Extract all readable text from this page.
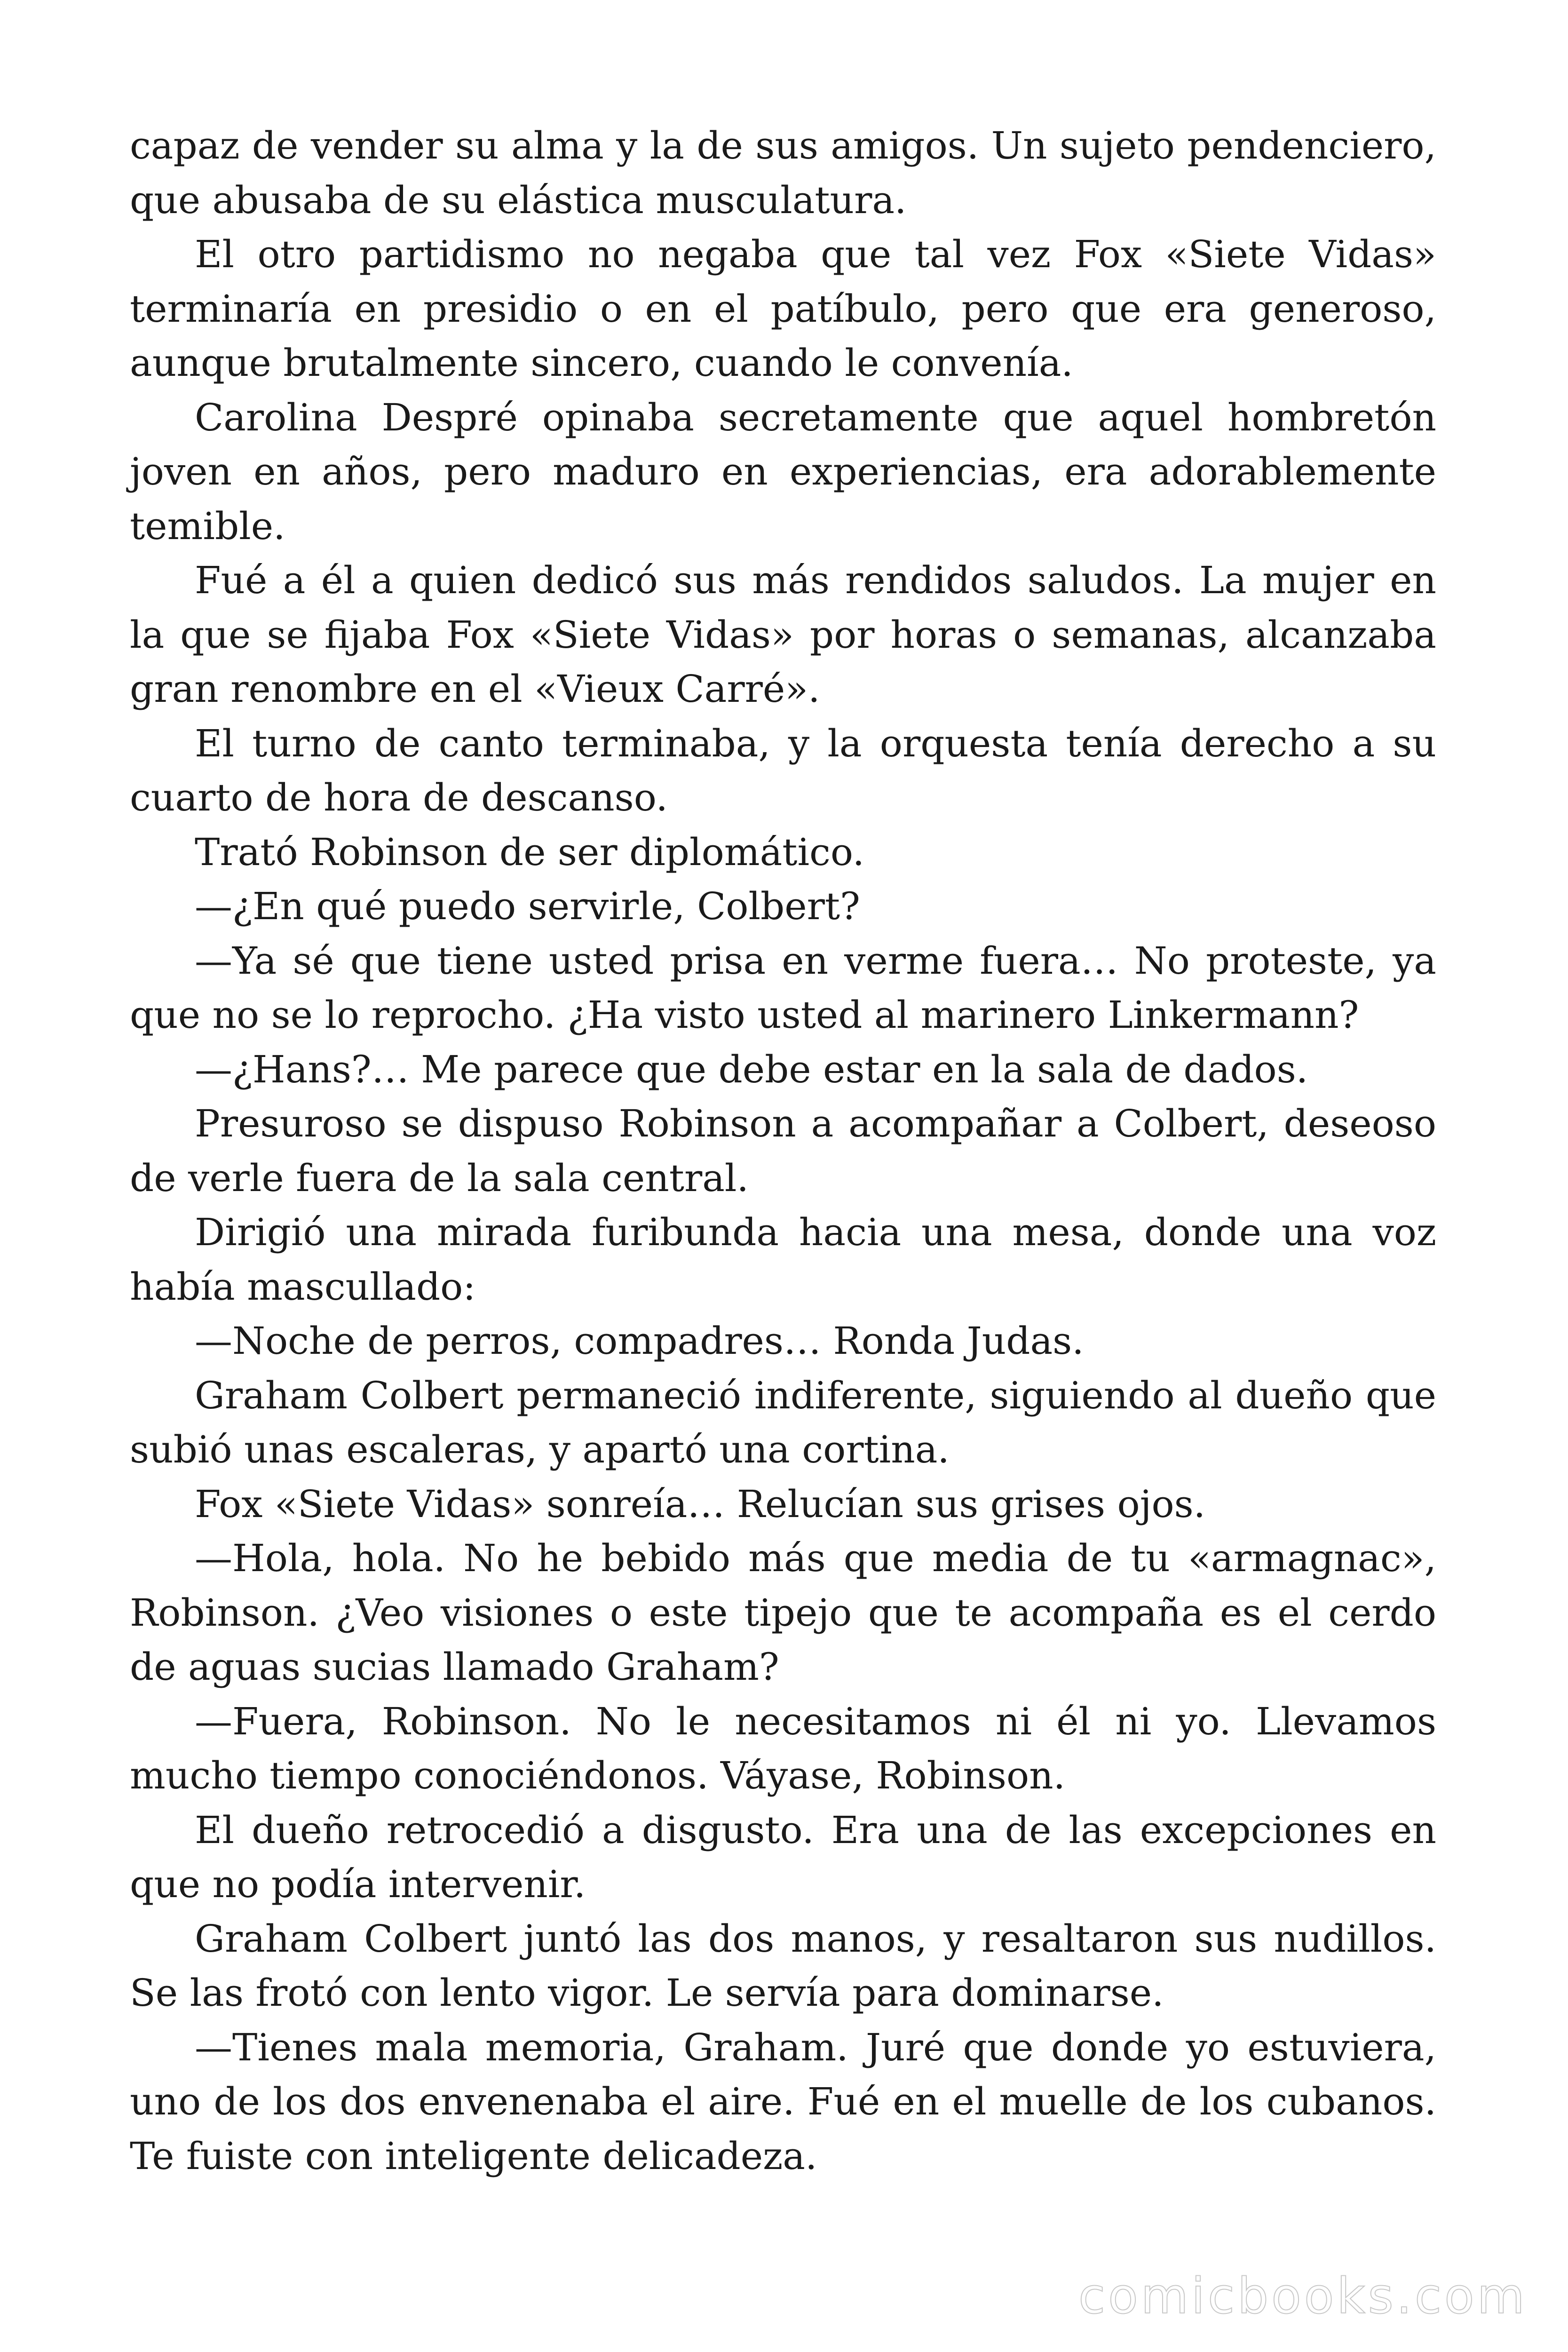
capaz de vender su alma y la de sus amigos. Un sujeto pendenciero, que abusaba de su elástica musculatura.

El otro partidismo no negaba que tal vez Fox «Siete Vidas» terminaría en presidio o en el patíbulo, pero que era generoso, aunque brutalmente sincero, cuando le convenía.

Carolina Despré opinaba secretamente que aquel hombretón joven en años, pero maduro en experiencias, era adorablemente temible.

Fué a él a quien dedicó sus más rendidos saludos. La mujer en la que se fijaba Fox «Siete Vidas» por horas o semanas, alcanzaba gran renombre en el «Vieux Carré».

El turno de canto terminaba, y la orquesta tenía derecho a su cuarto de hora de descanso.

Trató Robinson de ser diplomático.

—¿En qué puedo servirle, Colbert?

—Ya sé que tiene usted prisa en verme fuera… No proteste, ya que no se lo reprocho. ¿Ha visto usted al marinero Linkermann?

—¿Hans?… Me parece que debe estar en la sala de dados.

Presuroso se dispuso Robinson a acompañar a Colbert, deseoso de verle fuera de la sala central.

Dirigió una mirada furibunda hacia una mesa, donde una voz había mascullado:

—Noche de perros, compadres… Ronda Judas.

Graham Colbert permaneció indiferente, siguiendo al dueño que subió unas escaleras, y apartó una cortina.

Fox «Siete Vidas» sonreía… Relucían sus grises ojos.

—Hola, hola. No he bebido más que media de tu «armagnac», Robinson. ¿Veo visiones o este tipejo que te acompaña es el cerdo de aguas sucias llamado Graham?

—Fuera, Robinson. No le necesitamos ni él ni yo. Llevamos mucho tiempo conociéndonos. Váyase, Robinson.

El dueño retrocedió a disgusto. Era una de las excepciones en que no podía intervenir.

Graham Colbert juntó las dos manos, y resaltaron sus nudillos. Se las frotó con lento vigor. Le servía para dominarse.

—Tienes mala memoria, Graham. Juré que donde yo estuviera, uno de los dos envenenaba el aire. Fué en el muelle de los cubanos. Te fuiste con inteligente delicadeza.

comicbooks.com
